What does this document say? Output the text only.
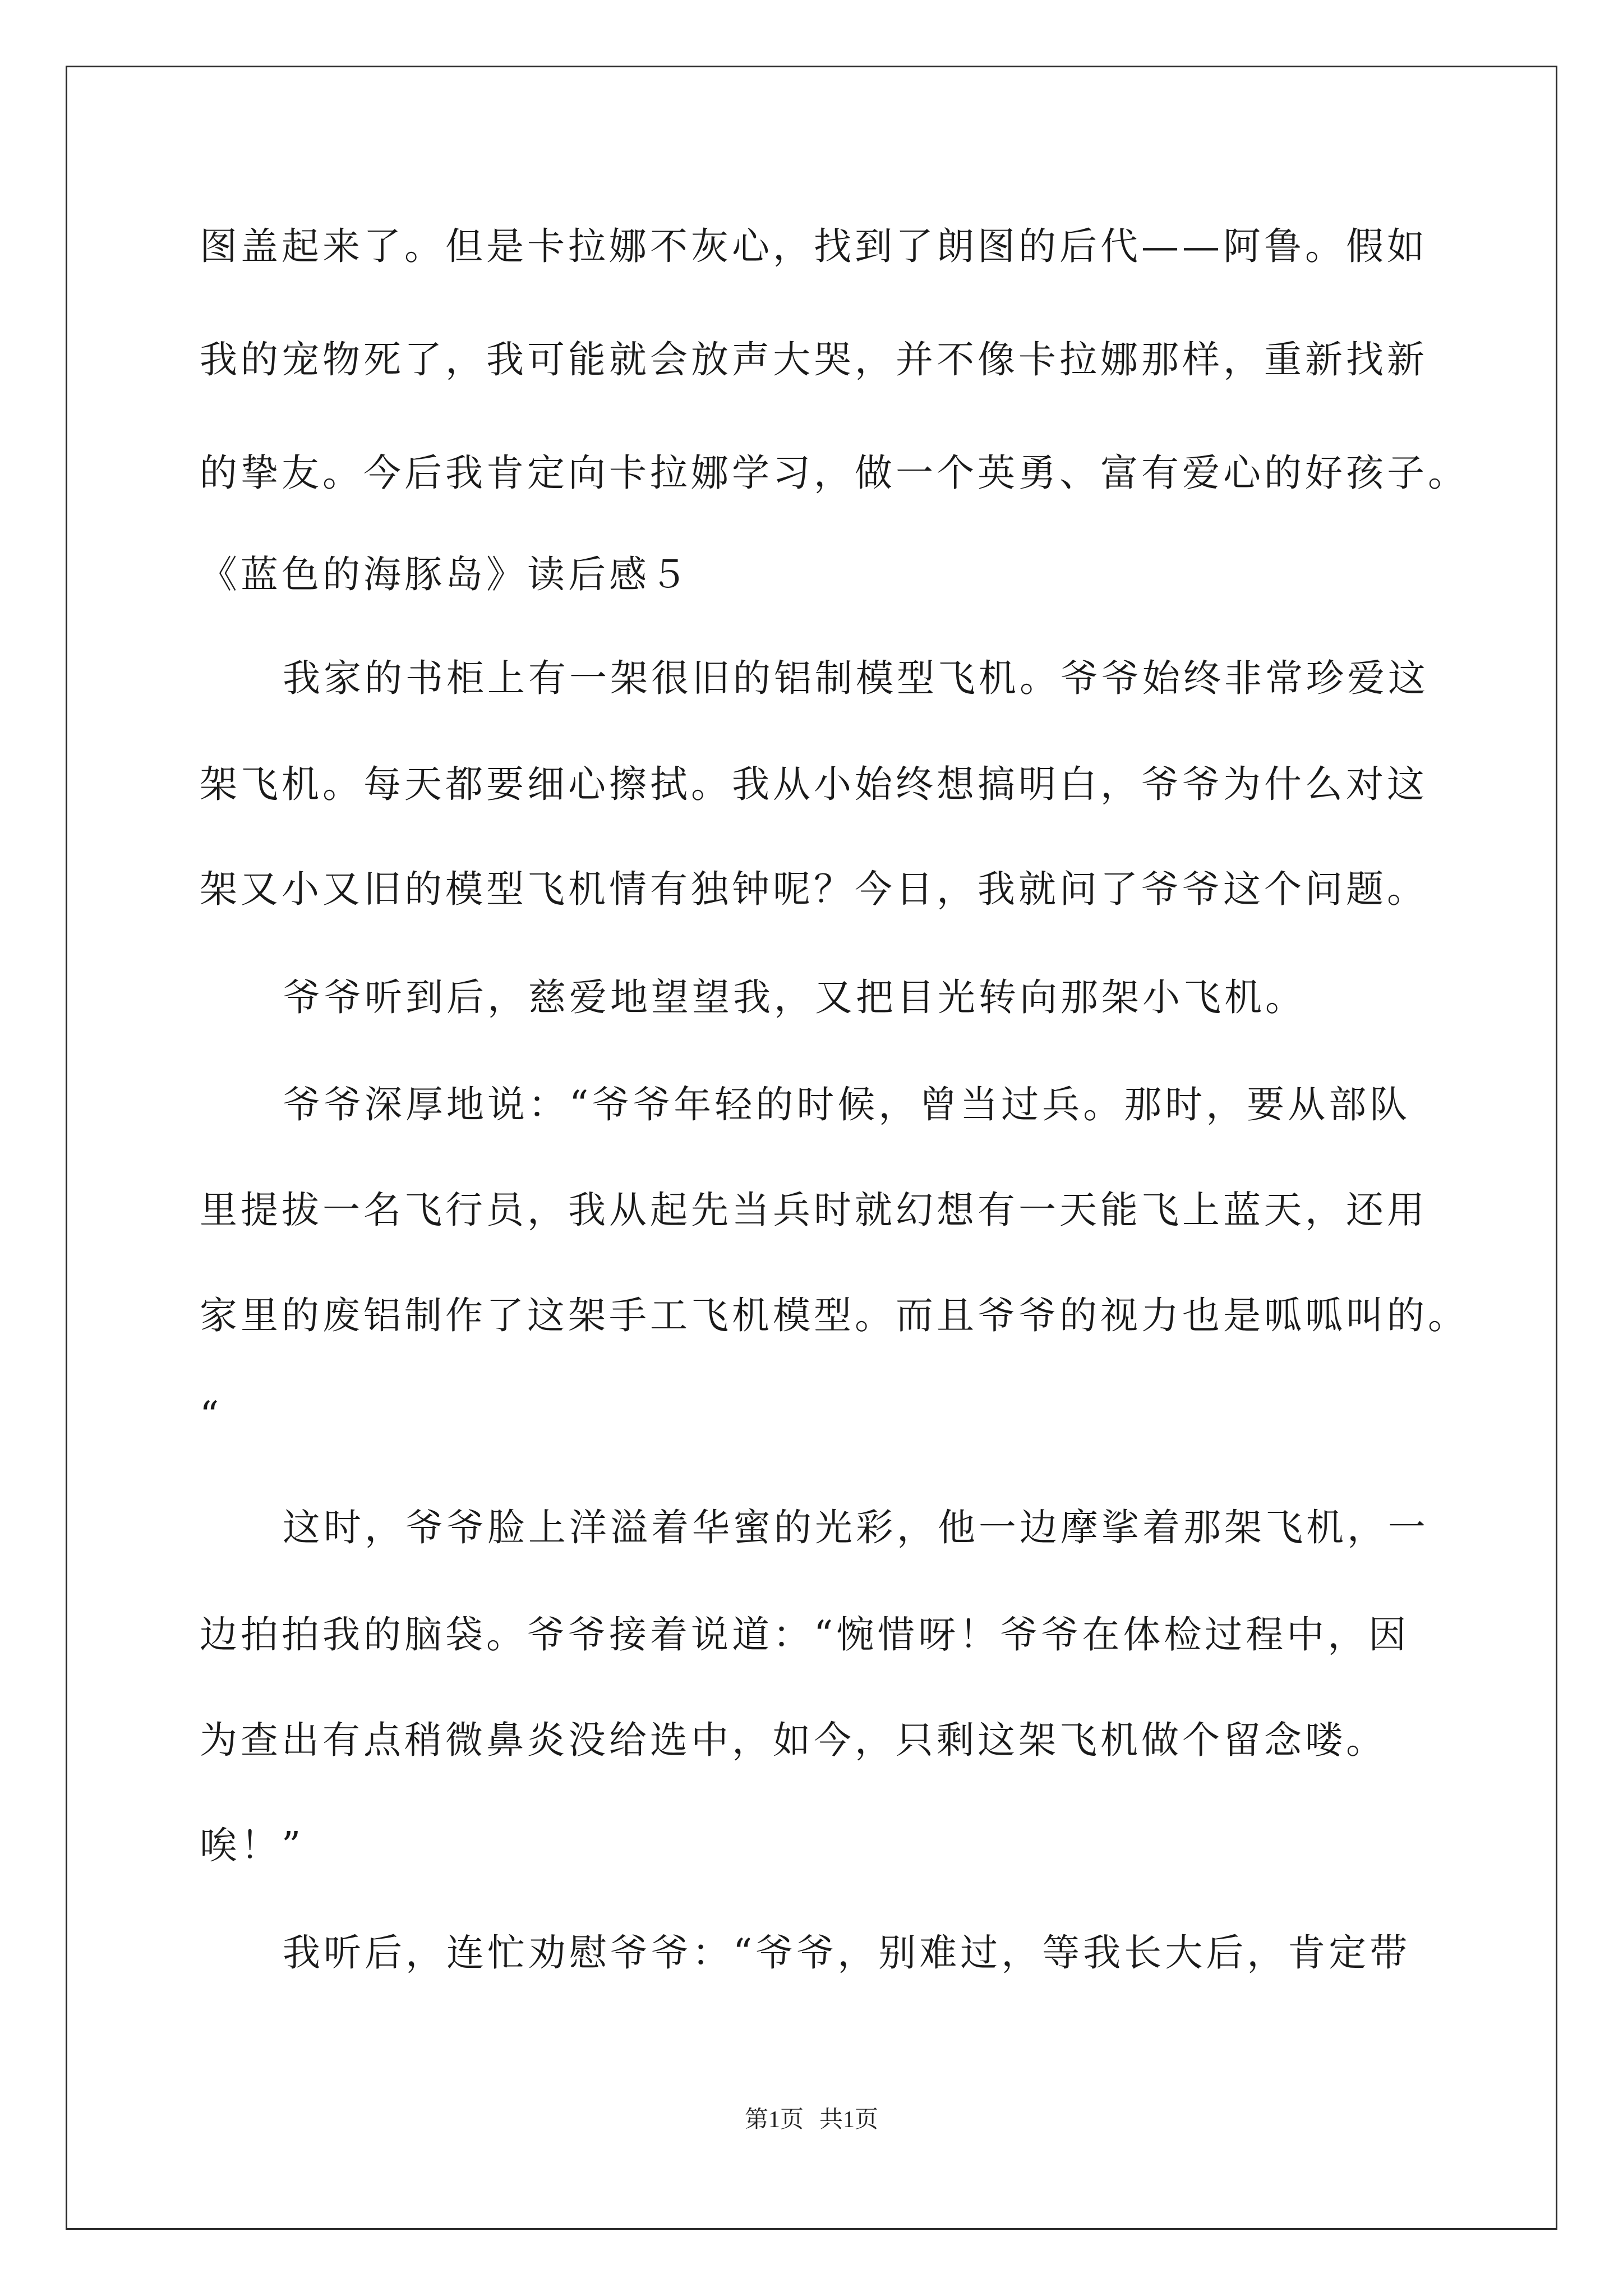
图盖起来了。但是卡拉娜不灰心，找到了朗图的后代——阿鲁。假如
我的宠物死了，我可能就会放声大哭，并不像卡拉娜那样，重新找新
的挚友。今后我肯定向卡拉娜学习，做一个英勇、富有爱心的好孩子。
《蓝色的海豚岛》读后感５
我家的书柜上有一架很旧的铝制模型飞机。爷爷始终非常珍爱这
架飞机。每天都要细心擦拭。我从小始终想搞明白，爷爷为什么对这
架又小又旧的模型飞机情有独钟呢？今日，我就问了爷爷这个问题。
爷爷听到后，慈爱地望望我，又把目光转向那架小飞机。
爷爷深厚地说：“爷爷年轻的时候，曾当过兵。那时，要从部队
里提拔一名飞行员，我从起先当兵时就幻想有一天能飞上蓝天，还用
家里的废铝制作了这架手工飞机模型。而且爷爷的视力也是呱呱叫的。
“
这时，爷爷脸上洋溢着华蜜的光彩，他一边摩挲着那架飞机，一
边拍拍我的脑袋。爷爷接着说道：“惋惜呀！爷爷在体检过程中，因
为查出有点稍微鼻炎没给选中，如今，只剩这架飞机做个留念喽。
唉！”
我听后，连忙劝慰爷爷：“爷爷，别难过，等我长大后，肯定带
第1页 共1页
